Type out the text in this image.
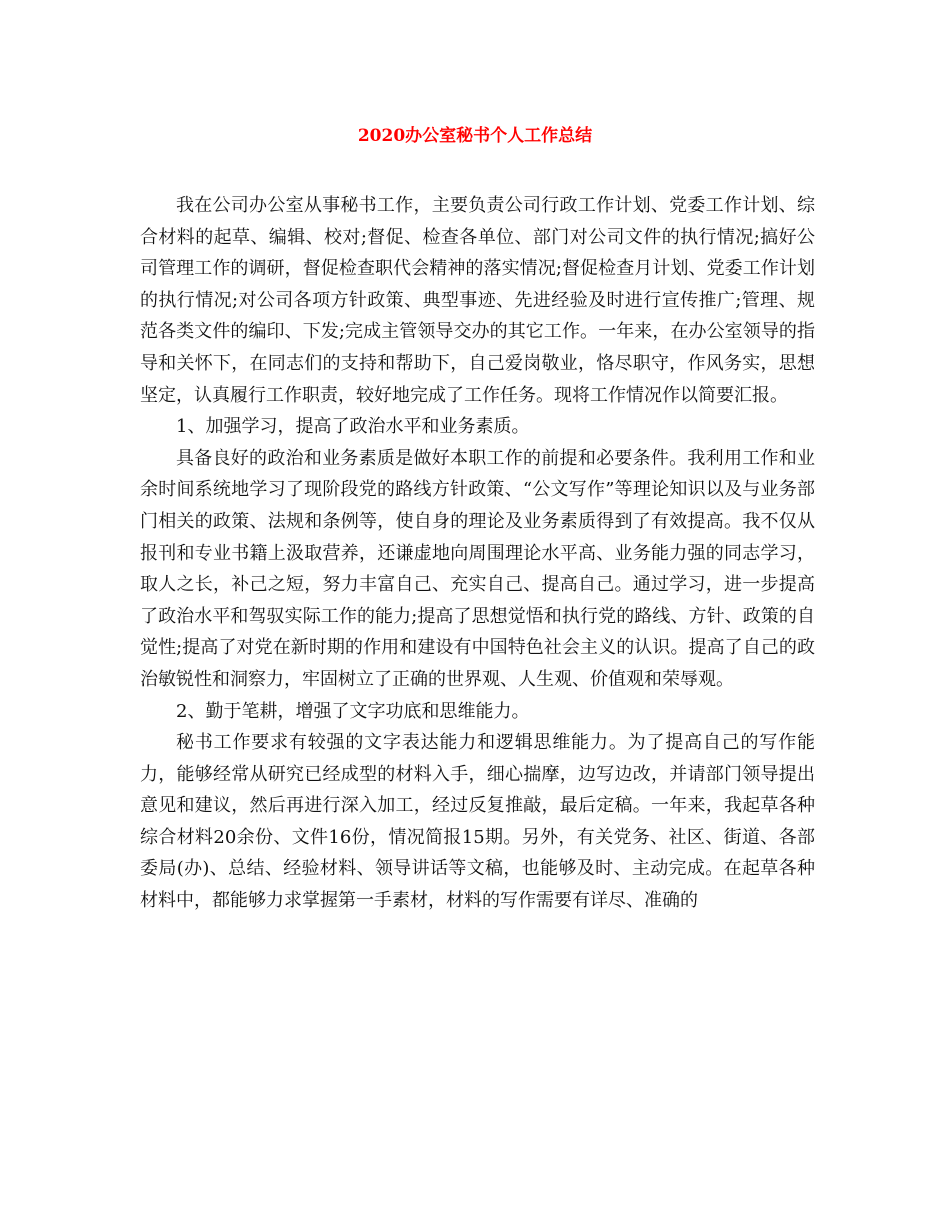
2020办公室秘书个人工作总结

我在公司办公室从事秘书工作，主要负责公司行政工作计划、党委工作计划、综合材料的起草、编辑、校对;督促、检查各单位、部门对公司文件的执行情况;搞好公司管理工作的调研，督促检查职代会精神的落实情况;督促检查月计划、党委工作计划的执行情况;对公司各项方针政策、典型事迹、先进经验及时进行宣传推广;管理、规范各类文件的编印、下发;完成主管领导交办的其它工作。一年来，在办公室领导的指导和关怀下，在同志们的支持和帮助下，自己爱岗敬业，恪尽职守，作风务实，思想坚定，认真履行工作职责，较好地完成了工作任务。现将工作情况作以简要汇报。

1、加强学习，提高了政治水平和业务素质。

具备良好的政治和业务素质是做好本职工作的前提和必要条件。我利用工作和业余时间系统地学习了现阶段党的路线方针政策、“公文写作”等理论知识以及与业务部门相关的政策、法规和条例等，使自身的理论及业务素质得到了有效提高。我不仅从报刊和专业书籍上汲取营养，还谦虚地向周围理论水平高、业务能力强的同志学习，取人之长，补己之短，努力丰富自己、充实自己、提高自己。通过学习，进一步提高了政治水平和驾驭实际工作的能力;提高了思想觉悟和执行党的路线、方针、政策的自觉性;提高了对党在新时期的作用和建设有中国特色社会主义的认识。提高了自己的政治敏锐性和洞察力，牢固树立了正确的世界观、人生观、价值观和荣辱观。

2、勤于笔耕，增强了文字功底和思维能力。

秘书工作要求有较强的文字表达能力和逻辑思维能力。为了提高自己的写作能力，能够经常从研究已经成型的材料入手，细心揣摩，边写边改，并请部门领导提出意见和建议，然后再进行深入加工，经过反复推敲，最后定稿。一年来，我起草各种综合材料20余份、文件16份，情况简报15期。另外，有关党务、社区、街道、各部委局(办)、总结、经验材料、领导讲话等文稿，也能够及时、主动完成。在起草各种材料中，都能够力求掌握第一手素材，材料的写作需要有详尽、准确的
